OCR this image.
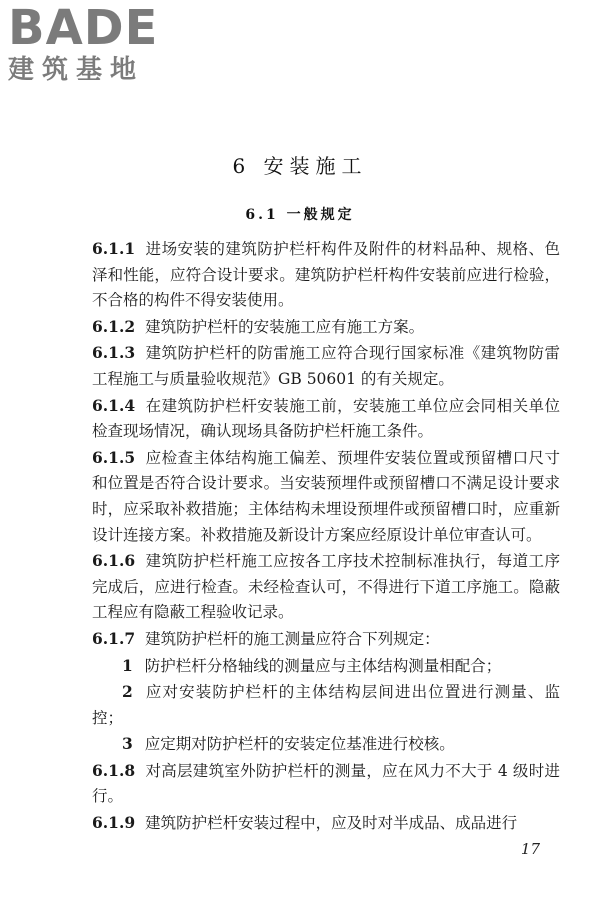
BADE
建筑基地
6 安装施工
6.1 一般规定

6.1.1 进场安装的建筑防护栏杆构件及附件的材料品种、规格、色泽和性能，应符合设计要求。建筑防护栏杆构件安装前应进行检验，不合格的构件不得安装使用。

6.1.2 建筑防护栏杆的安装施工应有施工方案。

6.1.3 建筑防护栏杆的防雷施工应符合现行国家标准《建筑物防雷工程施工与质量验收规范》GB 50601 的有关规定。

6.1.4 在建筑防护栏杆安装施工前，安装施工单位应会同相关单位检查现场情况，确认现场具备防护栏杆施工条件。

6.1.5 应检查主体结构施工偏差、预埋件安装位置或预留槽口尺寸和位置是否符合设计要求。当安装预埋件或预留槽口不满足设计要求时，应采取补救措施；主体结构未埋设预埋件或预留槽口时，应重新设计连接方案。补救措施及新设计方案应经原设计单位审查认可。

6.1.6 建筑防护栏杆施工应按各工序技术控制标准执行，每道工序完成后，应进行检查。未经检查认可，不得进行下道工序施工。隐蔽工程应有隐蔽工程验收记录。

6.1.7 建筑防护栏杆的施工测量应符合下列规定：

1 防护栏杆分格轴线的测量应与主体结构测量相配合；

2 应对安装防护栏杆的主体结构层间进出位置进行测量、监控；

3 应定期对防护栏杆的安装定位基准进行校核。

6.1.8 对高层建筑室外防护栏杆的测量，应在风力不大于 4 级时进行。

6.1.9 建筑防护栏杆安装过程中，应及时对半成品、成品进行

17
